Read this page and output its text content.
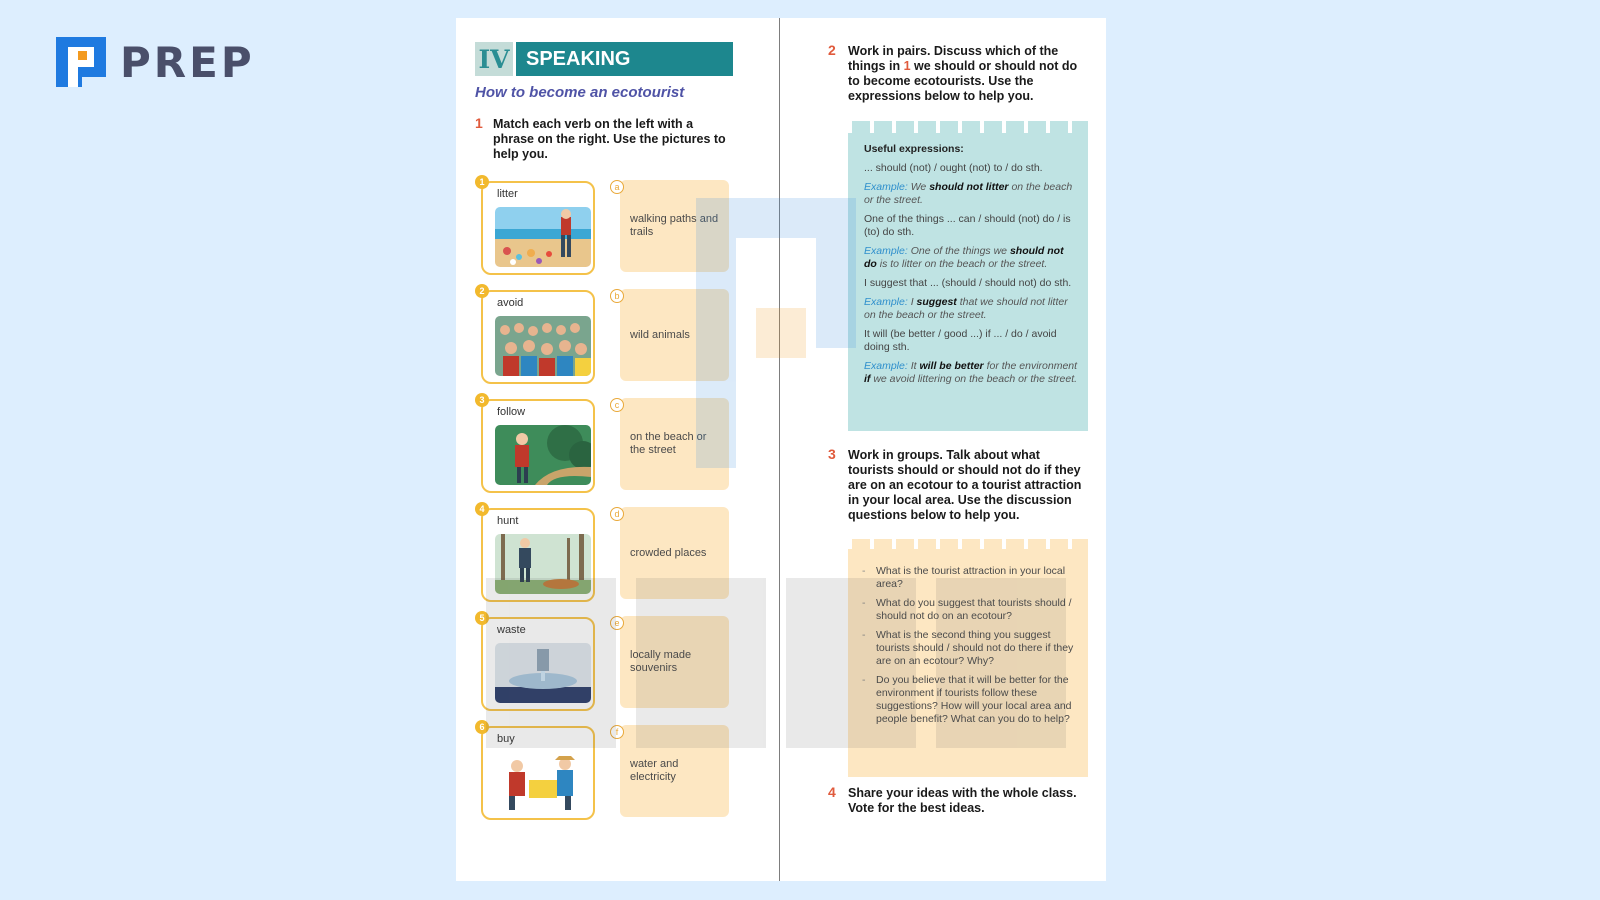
PREP	IV SPEAKING
How to become an ecotourist
1 Match each verb on the left with a phrase on the right. Use the pictures to help you.
1
litter
2
avoid
3
follow
4
hunt
5
waste
6
buy
a
walking paths and trails
b
wild animals
c
on the beach or the street
d
crowded places
e
locally made souvenirs
f
water and electricity
2 Work in pairs. Discuss which of the things in 1 we should or should not do to become ecotourists. Use the expressions below to help you.

Useful expressions:

... should (not) / ought (not) to / do sth.

Example: We should not litter on the beach or the street.

One of the things ... can / should (not) do / is (to) do sth.

Example: One of the things we should not do is to litter on the beach or the street.

I suggest that ... (should / should not) do sth.

Example: I suggest that we should not litter on the beach or the street.

It will (be better / good ...) if ... / do / avoid doing sth.

Example: It will be better for the environment if we avoid littering on the beach or the street.

3 Work in groups. Talk about what tourists should or should not do if they are on an ecotour to a tourist attraction in your local area. Use the discussion questions below to help you.
- What is the tourist attraction in your local area?
- What do you suggest that tourists should / should not do on an ecotour?
- What is the second thing you suggest tourists should / should not do there if they are on an ecotour? Why?
- Do you believe that it will be better for the environment if tourists follow these suggestions? How will your local area and people benefit? What can you do to help?
4 Share your ideas with the whole class. Vote for the best ideas.
